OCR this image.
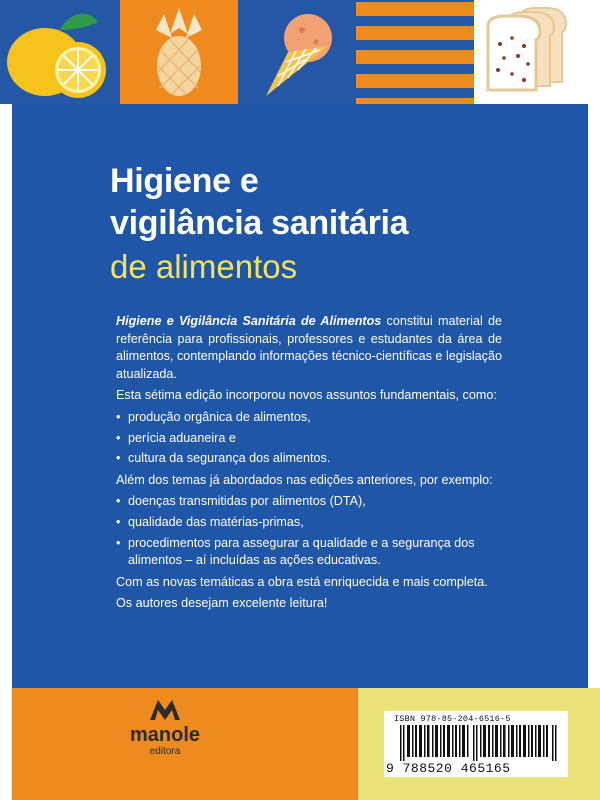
Higiene e
vigilância sanitária
de alimentos

Higiene e Vigilância Sanitária de Alimentos constitui material de referência para profissionais, professores e estudantes da área de alimentos, contemplando informações técnico-científicas e legislação atualizada.

Esta sétima edição incorporou novos assuntos fundamentais, como:

• produção orgânica de alimentos,
• perícia aduaneira e
• cultura da segurança dos alimentos.

Além dos temas já abordados nas edições anteriores, por exemplo:

• doenças transmitidas por alimentos (DTA),
• qualidade das matérias-primas,
• procedimentos para assegurar a qualidade e a segurança dos alimentos – aí incluídas as ações educativas.

Com as novas temáticas a obra está enriquecida e mais completa.

Os autores desejam excelente leitura!

manole
editora
ISBN 978-85-204-6516-5
9 788520 465165
